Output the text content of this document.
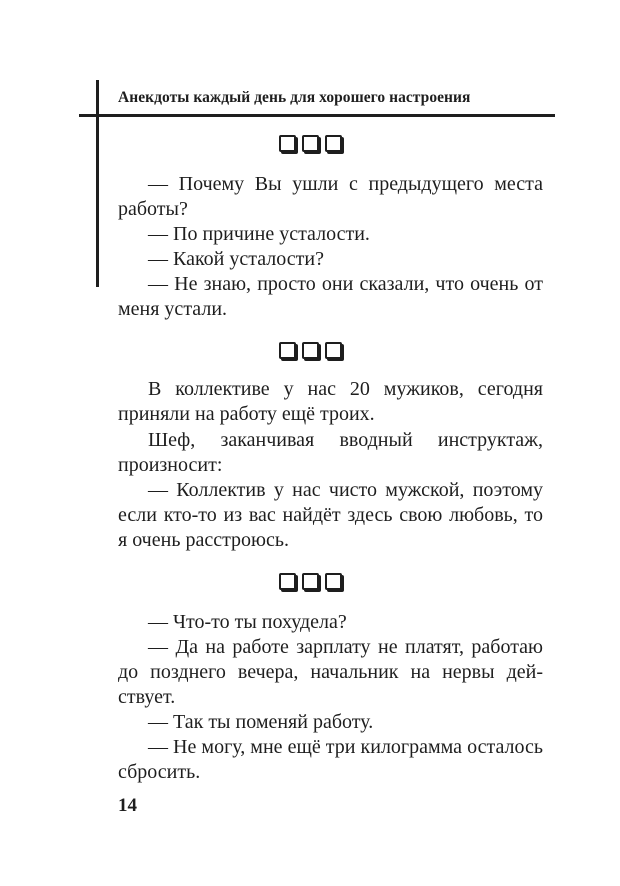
Анекдоты каждый день для хорошего настроения

— Почему Вы ушли с предыдущего места работы?

— По причине усталости.

— Какой усталости?

— Не знаю, просто они сказали, что очень от меня устали.

В коллективе у нас 20 мужиков, сегодня приняли на работу ещё троих.

Шеф, заканчивая вводный инструктаж, произносит:

— Коллектив у нас чисто мужской, поэтому если кто-то из вас найдёт здесь свою любовь, то я очень расстроюсь.

— Что-то ты похудела?

— Да на работе зарплату не платят, работаю до позднего вечера, начальник на нервы действует.

— Так ты поменяй работу.

— Не могу, мне ещё три килограмма осталось сбросить.

14
